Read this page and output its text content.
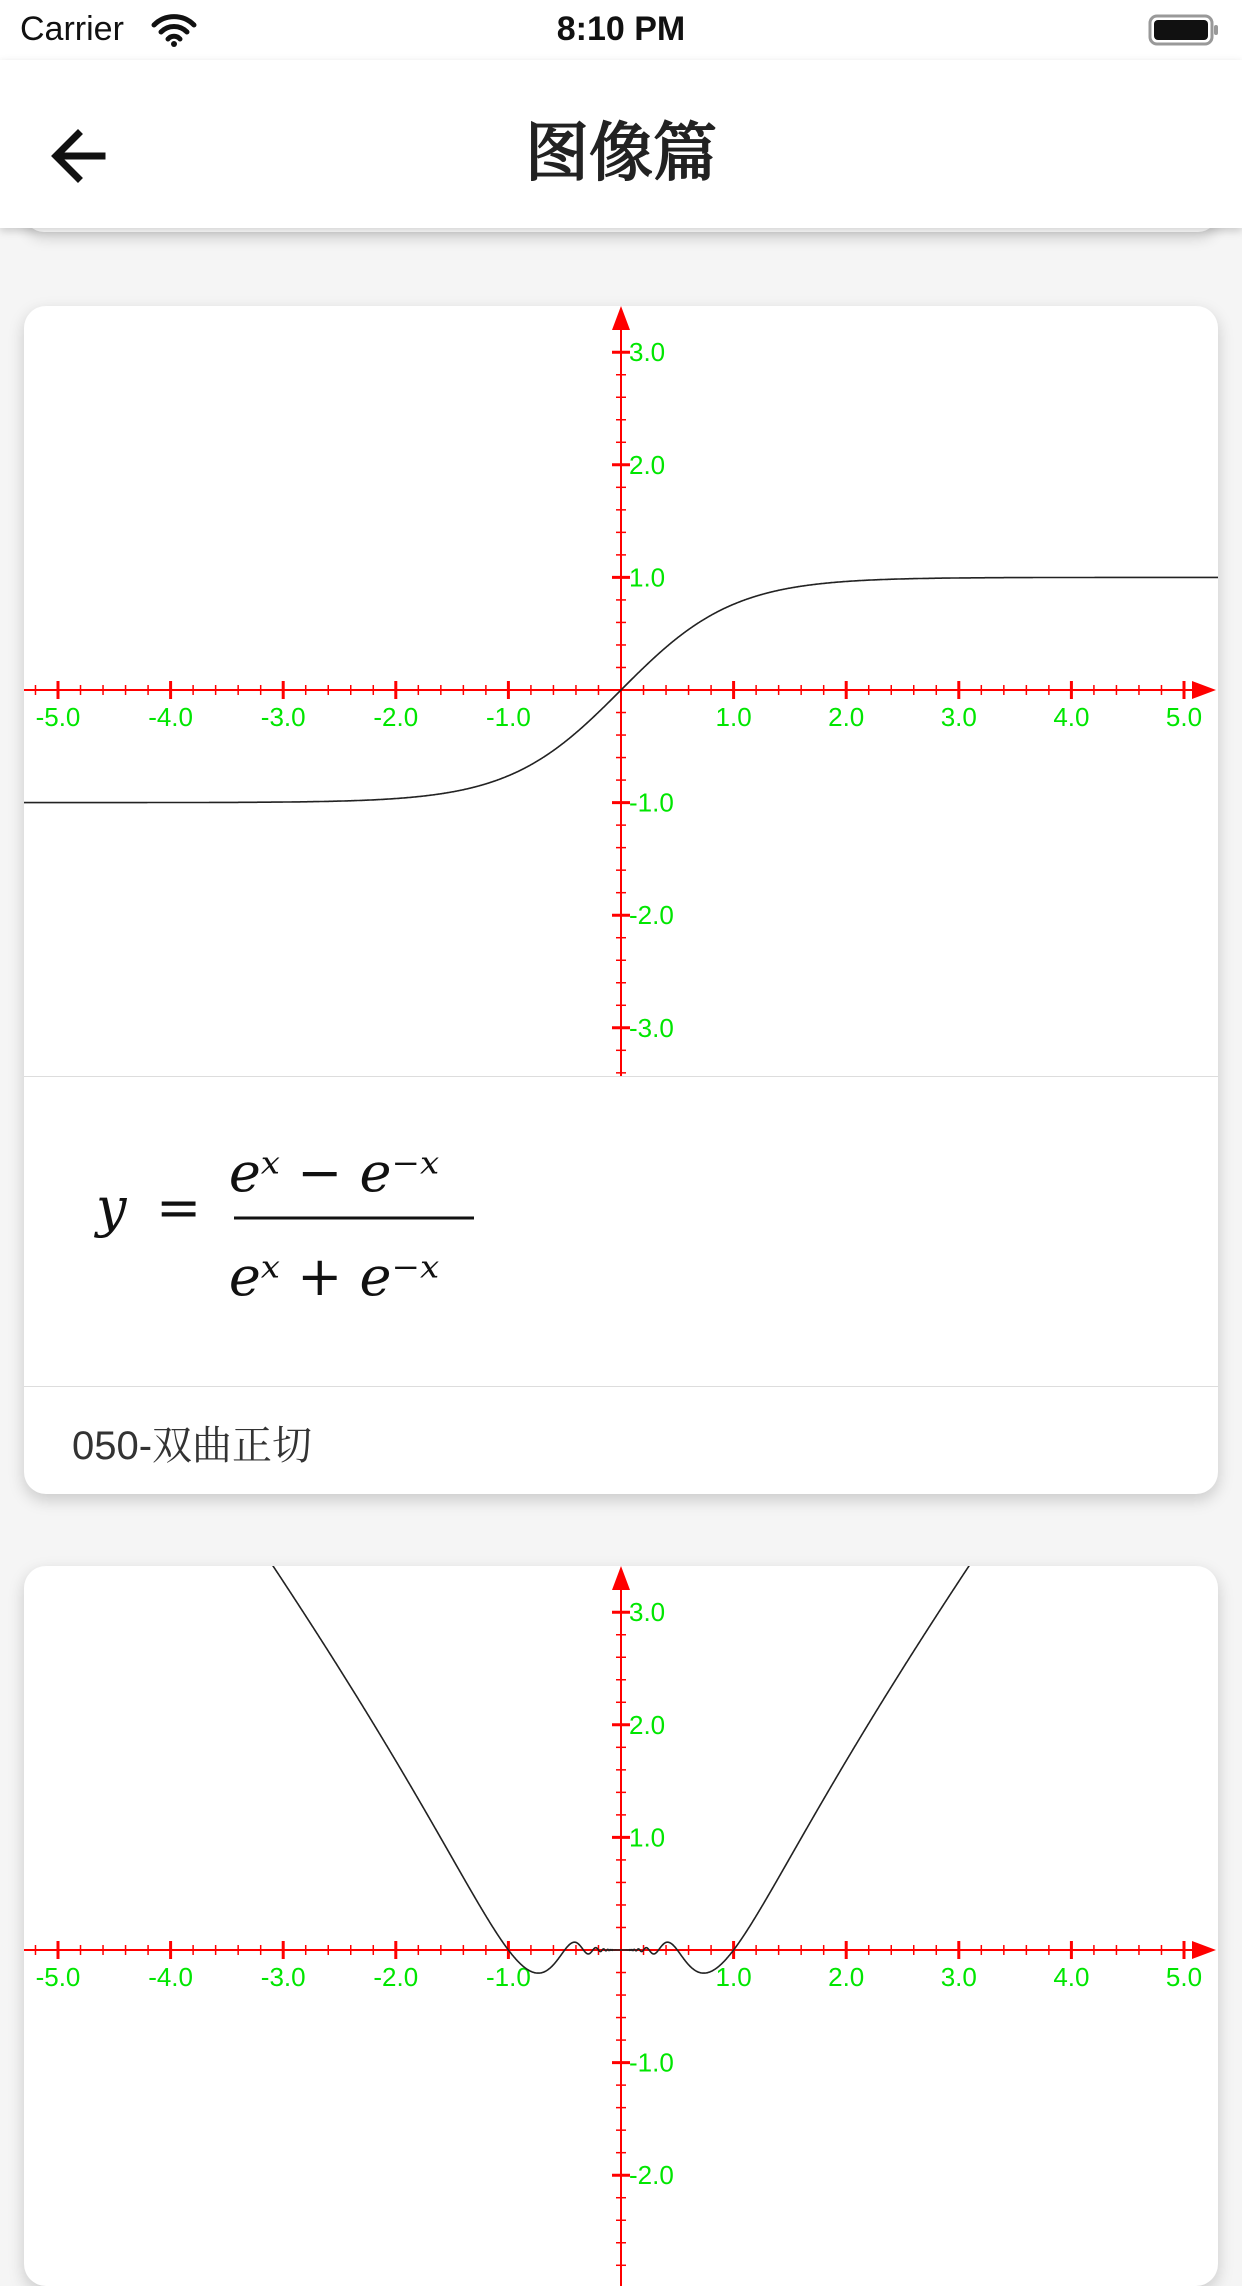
Carrier	8:10 PM
图像篇
-5.0	-4.0	-3.0	-2.0	-1.0	1.0	2.0	3.0	4.0	5.0
3.0
2.0
1.0
-1.0
-2.0
-3.0
y =
eˣ − e⁻ˣ
eˣ + e⁻ˣ
050-双曲正切
-5.0	-4.0	-3.0	-2.0	-1.0	1.0	2.0	3.0	4.0	5.0
3.0
2.0
1.0
-1.0
-2.0
